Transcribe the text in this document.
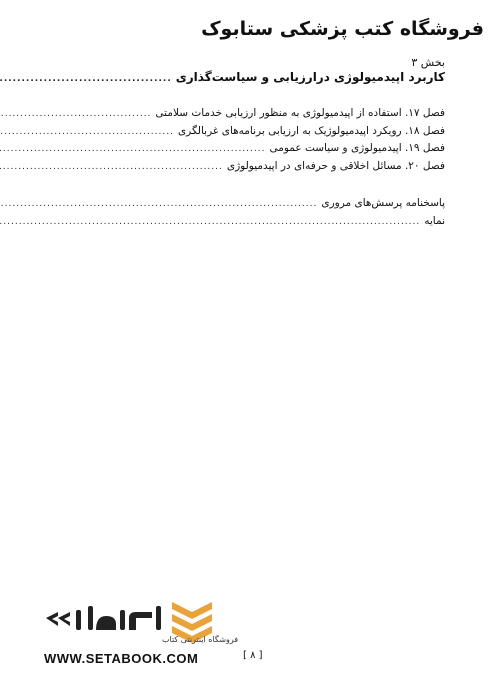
فروشگاه کتب پزشکی ستابوک
بخش ۳
کاربرد اپیدمیولوژی درارزیابی و سیاست‌گذاری
.....
فصل ۱۷. استفاده از اپیدمیولوژی به منظور ارزیابی خدمات سلامتی
.....
فصل ۱۸. رویکرد اپیدمیولوژیک به ارزیابی برنامه‌های غربالگری
.....
فصل ۱۹. اپیدمیولوژی و سیاست عمومی
.....
فصل ۲۰. مسائل اخلاقی و حرفه‌ای در اپیدمیولوژی
.....
پاسخنامه پرسش‌های مروری
.....
نمایه
.....
فروشگاه اینترنتی کتاب
WWW.SETABOOK.COM	[ ۸ ]
